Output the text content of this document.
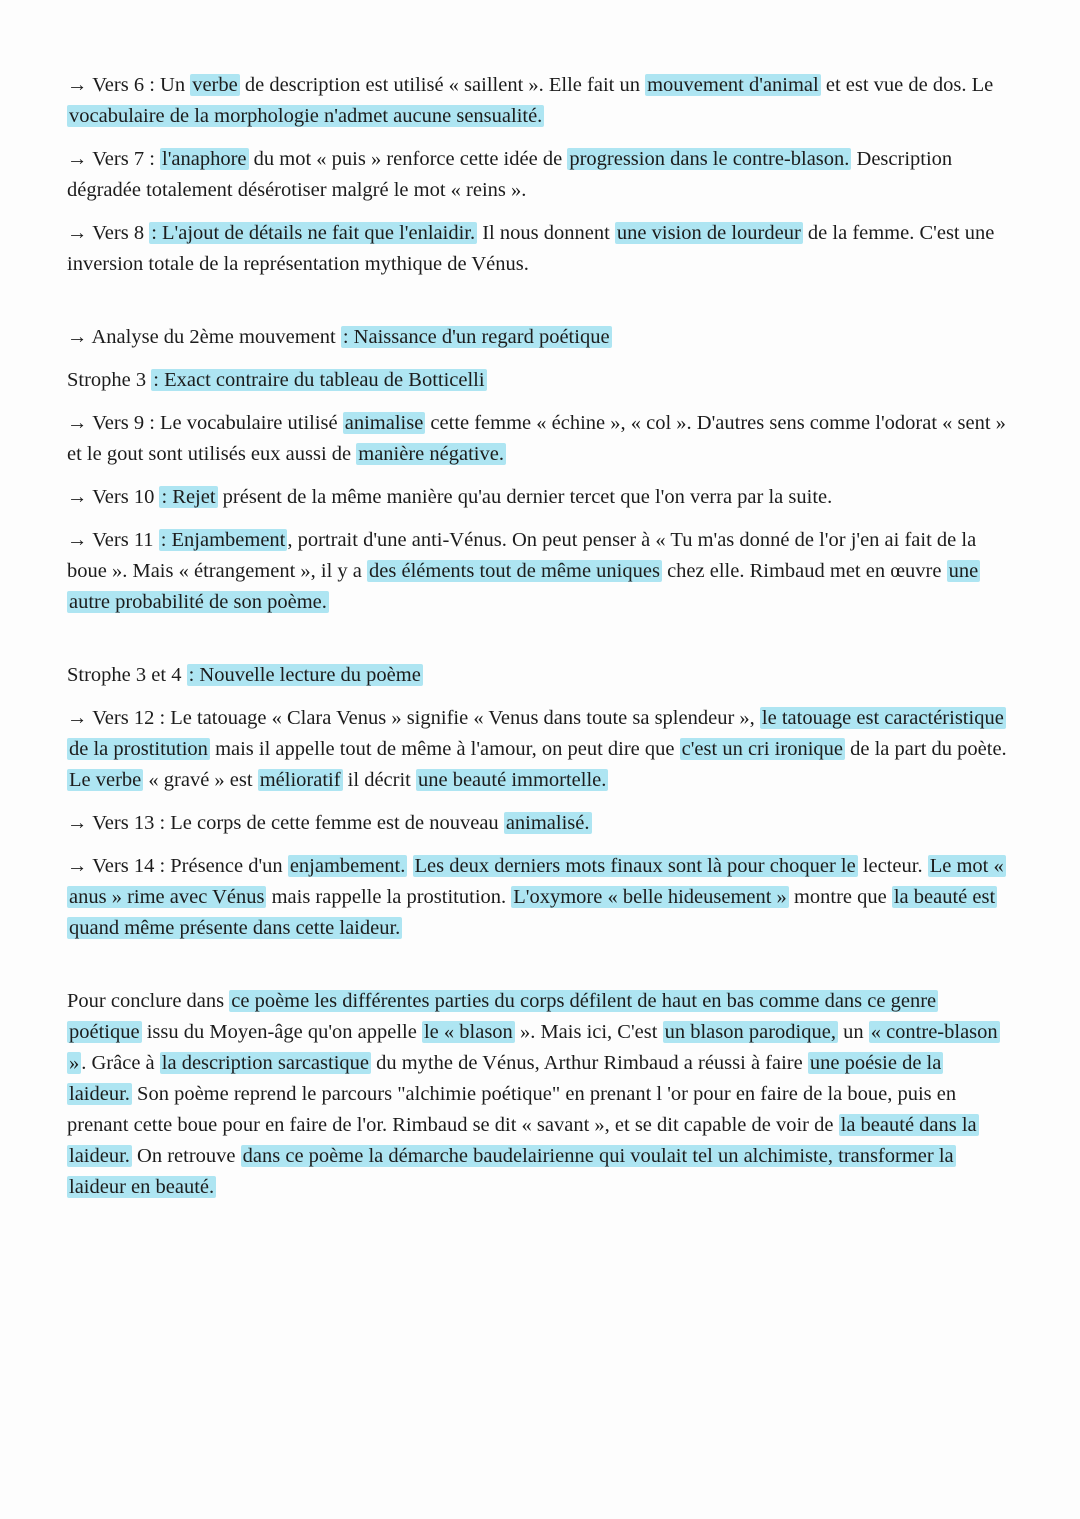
→ Vers 6 : Un verbe de description est utilisé « saillent ». Elle fait un mouvement d'animal et est vue de dos. Le vocabulaire de la morphologie n'admet aucune sensualité.

→ Vers 7 : l'anaphore du mot « puis » renforce cette idée de progression dans le contre-blason. Description dégradée totalement désérotiser malgré le mot « reins ».

→ Vers 8 : L'ajout de détails ne fait que l'enlaidir. Il nous donnent une vision de lourdeur de la femme. C'est une inversion totale de la représentation mythique de Vénus.

→ Analyse du 2ème mouvement : Naissance d'un regard poétique

Strophe 3 : Exact contraire du tableau de Botticelli

→ Vers 9 : Le vocabulaire utilisé animalise cette femme « échine », « col ». D'autres sens comme l'odorat « sent » et le gout sont utilisés eux aussi de manière négative.

→ Vers 10 : Rejet présent de la même manière qu'au dernier tercet que l'on verra par la suite.

→ Vers 11 : Enjambement, portrait d'une anti-Vénus. On peut penser à « Tu m'as donné de l'or j'en ai fait de la boue ». Mais « étrangement », il y a des éléments tout de même uniques chez elle. Rimbaud met en œuvre une autre probabilité de son poème.

Strophe 3 et 4 : Nouvelle lecture du poème

→ Vers 12 : Le tatouage « Clara Venus » signifie « Venus dans toute sa splendeur », le tatouage est caractéristique de la prostitution mais il appelle tout de même à l'amour, on peut dire que c'est un cri ironique de la part du poète. Le verbe « gravé » est mélioratif il décrit une beauté immortelle.

→ Vers 13 : Le corps de cette femme est de nouveau animalisé.

→ Vers 14 : Présence d'un enjambement. Les deux derniers mots finaux sont là pour choquer le lecteur. Le mot « anus » rime avec Vénus mais rappelle la prostitution. L'oxymore « belle hideusement » montre que la beauté est quand même présente dans cette laideur.

Pour conclure dans ce poème les différentes parties du corps défilent de haut en bas comme dans ce genre poétique issu du Moyen-âge qu'on appelle le « blason ». Mais ici, C'est un blason parodique, un « contre-blason ». Grâce à la description sarcastique du mythe de Vénus, Arthur Rimbaud a réussi à faire une poésie de la laideur. Son poème reprend le parcours "alchimie poétique" en prenant l 'or pour en faire de la boue, puis en prenant cette boue pour en faire de l'or. Rimbaud se dit « savant », et se dit capable de voir de la beauté dans la laideur. On retrouve dans ce poème la démarche baudelairienne qui voulait tel un alchimiste, transformer la laideur en beauté.
